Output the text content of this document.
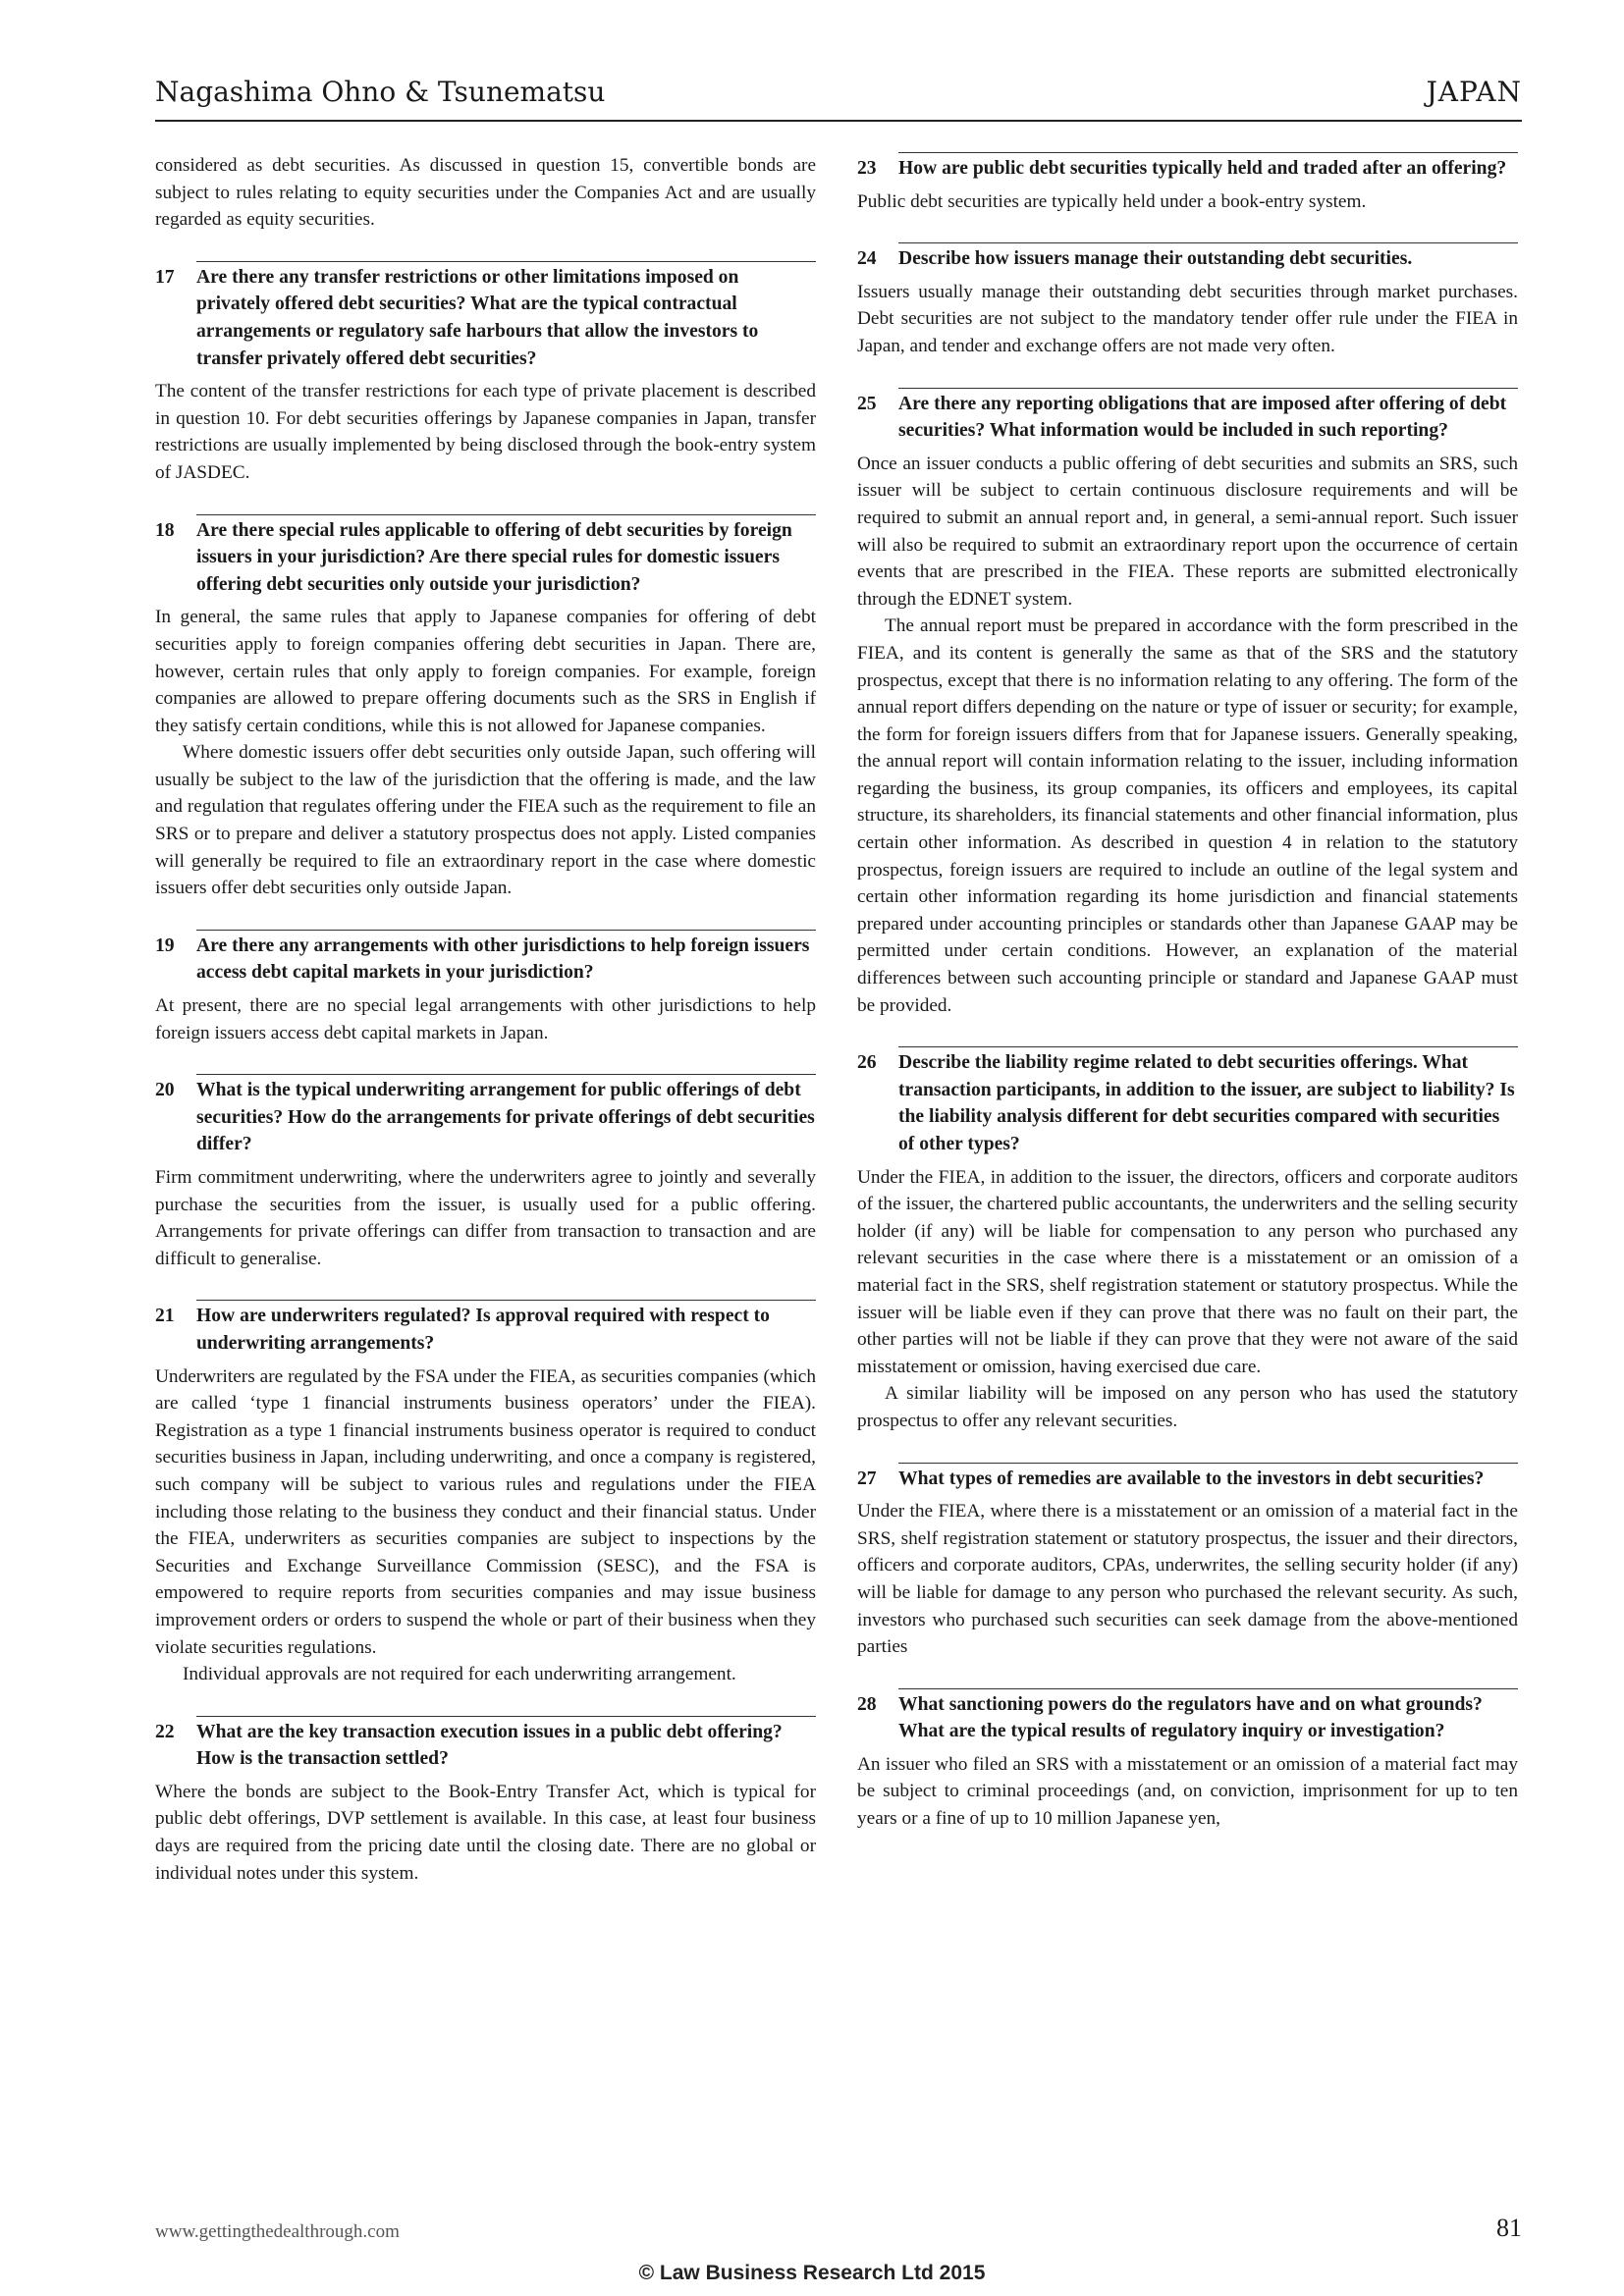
Nagashima Ohno & Tsunematsu	JAPAN

considered as debt securities. As discussed in question 15, convertible bonds are subject to rules relating to equity securities under the Companies Act and are usually regarded as equity securities.

17	Are there any transfer restrictions or other limitations imposed on privately offered debt securities? What are the typical contractual arrangements or regulatory safe harbours that allow the investors to transfer privately offered debt securities?

The content of the transfer restrictions for each type of private placement is described in question 10. For debt securities offerings by Japanese companies in Japan, transfer restrictions are usually implemented by being disclosed through the book-entry system of JASDEC.

18	Are there special rules applicable to offering of debt securities by foreign issuers in your jurisdiction? Are there special rules for domestic issuers offering debt securities only outside your jurisdiction?

In general, the same rules that apply to Japanese companies for offering of debt securities apply to foreign companies offering debt securities in Japan. There are, however, certain rules that only apply to foreign companies. For example, foreign companies are allowed to prepare offering documents such as the SRS in English if they satisfy certain conditions, while this is not allowed for Japanese companies.

Where domestic issuers offer debt securities only outside Japan, such offering will usually be subject to the law of the jurisdiction that the offering is made, and the law and regulation that regulates offering under the FIEA such as the requirement to file an SRS or to prepare and deliver a statutory prospectus does not apply. Listed companies will generally be required to file an extraordinary report in the case where domestic issuers offer debt securities only outside Japan.

19	Are there any arrangements with other jurisdictions to help foreign issuers access debt capital markets in your jurisdiction?

At present, there are no special legal arrangements with other jurisdictions to help foreign issuers access debt capital markets in Japan.

20	What is the typical underwriting arrangement for public offerings of debt securities? How do the arrangements for private offerings of debt securities differ?

Firm commitment underwriting, where the underwriters agree to jointly and severally purchase the securities from the issuer, is usually used for a public offering. Arrangements for private offerings can differ from transaction to transaction and are difficult to generalise.

21	How are underwriters regulated? Is approval required with respect to underwriting arrangements?

Underwriters are regulated by the FSA under the FIEA, as securities companies (which are called ‘type 1 financial instruments business operators’ under the FIEA). Registration as a type 1 financial instruments business operator is required to conduct securities business in Japan, including underwriting, and once a company is registered, such company will be subject to various rules and regulations under the FIEA including those relating to the business they conduct and their financial status. Under the FIEA, underwriters as securities companies are subject to inspections by the Securities and Exchange Surveillance Commission (SESC), and the FSA is empowered to require reports from securities companies and may issue business improvement orders or orders to suspend the whole or part of their business when they violate securities regulations.

Individual approvals are not required for each underwriting arrangement.

22	What are the key transaction execution issues in a public debt offering? How is the transaction settled?

Where the bonds are subject to the Book-Entry Transfer Act, which is typical for public debt offerings, DVP settlement is available. In this case, at least four business days are required from the pricing date until the closing date. There are no global or individual notes under this system.

23	How are public debt securities typically held and traded after an offering?

Public debt securities are typically held under a book-entry system.

24	Describe how issuers manage their outstanding debt securities.

Issuers usually manage their outstanding debt securities through market purchases. Debt securities are not subject to the mandatory tender offer rule under the FIEA in Japan, and tender and exchange offers are not made very often.

25	Are there any reporting obligations that are imposed after offering of debt securities? What information would be included in such reporting?

Once an issuer conducts a public offering of debt securities and submits an SRS, such issuer will be subject to certain continuous disclosure requirements and will be required to submit an annual report and, in general, a semi-annual report. Such issuer will also be required to submit an extraordinary report upon the occurrence of certain events that are prescribed in the FIEA. These reports are submitted electronically through the EDNET system.

The annual report must be prepared in accordance with the form prescribed in the FIEA, and its content is generally the same as that of the SRS and the statutory prospectus, except that there is no information relating to any offering. The form of the annual report differs depending on the nature or type of issuer or security; for example, the form for foreign issuers differs from that for Japanese issuers. Generally speaking, the annual report will contain information relating to the issuer, including information regarding the business, its group companies, its officers and employees, its capital structure, its shareholders, its financial statements and other financial information, plus certain other information. As described in question 4 in relation to the statutory prospectus, foreign issuers are required to include an outline of the legal system and certain other information regarding its home jurisdiction and financial statements prepared under accounting principles or standards other than Japanese GAAP may be permitted under certain conditions. However, an explanation of the material differences between such accounting principle or standard and Japanese GAAP must be provided.

26	Describe the liability regime related to debt securities offerings. What transaction participants, in addition to the issuer, are subject to liability? Is the liability analysis different for debt securities compared with securities of other types?

Under the FIEA, in addition to the issuer, the directors, officers and corporate auditors of the issuer, the chartered public accountants, the underwriters and the selling security holder (if any) will be liable for compensation to any person who purchased any relevant securities in the case where there is a misstatement or an omission of a material fact in the SRS, shelf registration statement or statutory prospectus. While the issuer will be liable even if they can prove that there was no fault on their part, the other parties will not be liable if they can prove that they were not aware of the said misstatement or omission, having exercised due care.

A similar liability will be imposed on any person who has used the statutory prospectus to offer any relevant securities.

27	What types of remedies are available to the investors in debt securities?

Under the FIEA, where there is a misstatement or an omission of a material fact in the SRS, shelf registration statement or statutory prospectus, the issuer and their directors, officers and corporate auditors, CPAs, underwrites, the selling security holder (if any) will be liable for damage to any person who purchased the relevant security. As such, investors who purchased such securities can seek damage from the above-mentioned parties

28	What sanctioning powers do the regulators have and on what grounds? What are the typical results of regulatory inquiry or investigation?

An issuer who filed an SRS with a misstatement or an omission of a material fact may be subject to criminal proceedings (and, on conviction, imprisonment for up to ten years or a fine of up to 10 million Japanese yen,

www.gettingthedealthrough.com	81
© Law Business Research Ltd 2015
